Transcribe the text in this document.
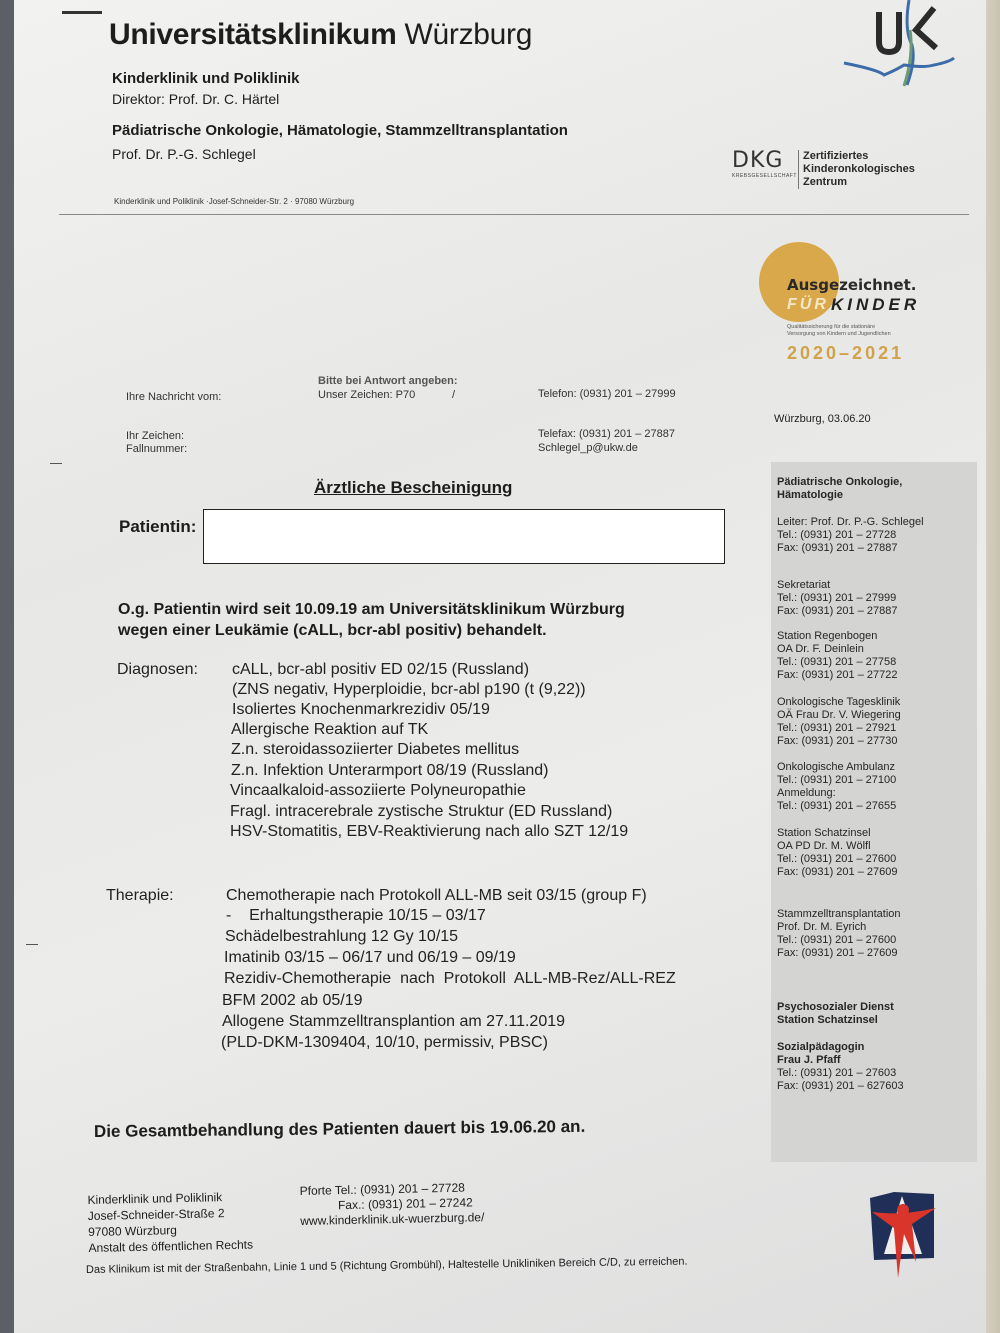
Universitätsklinikum Würzburg
Kinderklinik und Poliklinik
Direktor: Prof. Dr. C. Härtel
Pädiatrische Onkologie, Hämatologie, Stammzelltransplantation
Prof. Dr. P.-G. Schlegel
Kinderklinik und Poliklinik ·Josef-Schneider-Str. 2 · 97080 Würzburg
DKG
KREBSGESELLSCHAFT
Zertifiziertes
Kinderonkologisches Zentrum
Ausgezeichnet.
FÜR KINDER
Qualitätssicherung für die stationäre
Versorgung von Kindern und Jugendlichen
2020–2021
Bitte bei Antwort angeben:
Ihre Nachricht vom:	Unser Zeichen: P70	/	Telefon: (0931) 201 – 27999
Ihr Zeichen:
Fallnummer:
Telefax: (0931) 201 – 27887
Schlegel_p@ukw.de
Würzburg, 03.06.20
Pädiatrische Onkologie,
Hämatologie
Leiter: Prof. Dr. P.-G. Schlegel
Tel.: (0931) 201 – 27728
Fax: (0931) 201 – 27887
Sekretariat
Tel.: (0931) 201 – 27999
Fax: (0931) 201 – 27887
Station Regenbogen
OA Dr. F. Deinlein
Tel.: (0931) 201 – 27758
Fax: (0931) 201 – 27722
Onkologische Tagesklinik
OÄ Frau Dr. V. Wiegering
Tel.: (0931) 201 – 27921
Fax: (0931) 201 – 27730
Onkologische Ambulanz
Tel.: (0931) 201 – 27100
Anmeldung:
Tel.: (0931) 201 – 27655
Station Schatzinsel
OA PD Dr. M. Wölfl
Tel.: (0931) 201 – 27600
Fax: (0931) 201 – 27609
Stammzelltransplantation
Prof. Dr. M. Eyrich
Tel.: (0931) 201 – 27600
Fax: (0931) 201 – 27609
Psychosozialer Dienst
Station Schatzinsel
Sozialpädagogin
Frau J. Pfaff
Tel.: (0931) 201 – 27603
Fax: (0931) 201 – 627603
Ärztliche Bescheinigung
Patientin:
O.g. Patientin wird seit 10.09.19 am Universitätsklinikum Würzburg
wegen einer Leukämie (cALL, bcr-abl positiv) behandelt.
Diagnosen: cALL, bcr-abl positiv ED 02/15 (Russland)
(ZNS negativ, Hyperploidie, bcr-abl p190 (t (9,22))
Isoliertes Knochenmarkrezidiv 05/19
Allergische Reaktion auf TK
Z.n. steroidassoziierter Diabetes mellitus
Z.n. Infektion Unterarmport 08/19 (Russland)
Vincaalkaloid-assoziierte Polyneuropathie
Fragl. intracerebrale zystische Struktur (ED Russland)
HSV-Stomatitis, EBV-Reaktivierung nach allo SZT 12/19
Therapie:	Chemotherapie nach Protokoll ALL-MB seit 03/15 (group F)
-    Erhaltungstherapie 10/15 – 03/17
Schädelbestrahlung 12 Gy 10/15
Imatinib 03/15 – 06/17 und 06/19 – 09/19
Rezidiv-Chemotherapie  nach  Protokoll  ALL-MB-Rez/ALL-REZ
BFM 2002 ab 05/19
Allogene Stammzelltransplantion am 27.11.2019
(PLD-DKM-1309404, 10/10, permissiv, PBSC)
Die Gesamtbehandlung des Patienten dauert bis 19.06.20 an.
Kinderklinik und Poliklinik
Josef-Schneider-Straße 2
97080 Würzburg
Anstalt des öffentlichen Rechts
Pforte Tel.: (0931) 201 – 27728
Fax.: (0931) 201 – 27242
www.kinderklinik.uk-wuerzburg.de/
Das Klinikum ist mit der Straßenbahn, Linie 1 und 5 (Richtung Grombühl), Haltestelle Unikliniken Bereich C/D, zu erreichen.
